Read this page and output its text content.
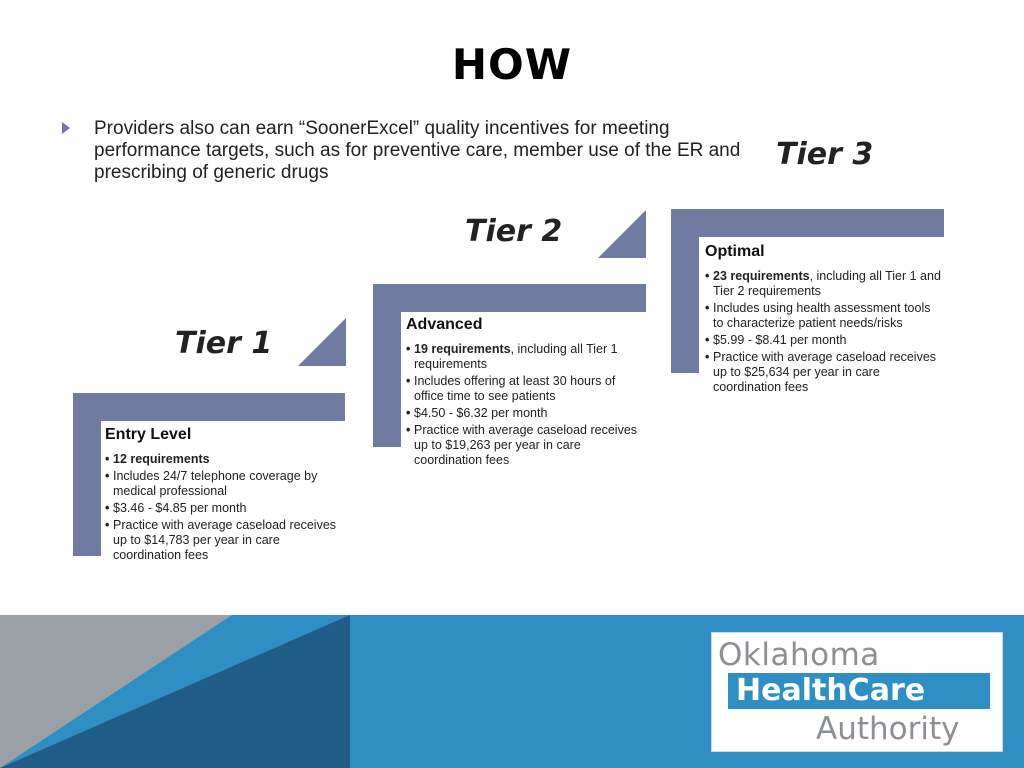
HOW
Providers also can earn “SoonerExcel” quality incentives for meeting performance targets, such as for preventive care, member use of the ER and prescribing of generic drugs
Tier 1
Tier 2
Tier 3
Entry Level
• 12 requirements
• Includes 24/7 telephone coverage by medical professional
• $3.46 - $4.85 per month
• Practice with average caseload receives up to $14,783 per year in care coordination fees
Advanced
• 19 requirements, including all Tier 1 requirements
• Includes offering at least 30 hours of office time to see patients
• $4.50 - $6.32 per month
• Practice with average caseload receives up to $19,263 per year in care coordination fees
Optimal
• 23 requirements, including all Tier 1 and Tier 2 requirements
• Includes using health assessment tools to characterize patient needs/risks
• $5.99 - $8.41 per month
• Practice with average caseload receives up to $25,634 per year in care coordination fees
Oklahoma
HealthCare
Authority
